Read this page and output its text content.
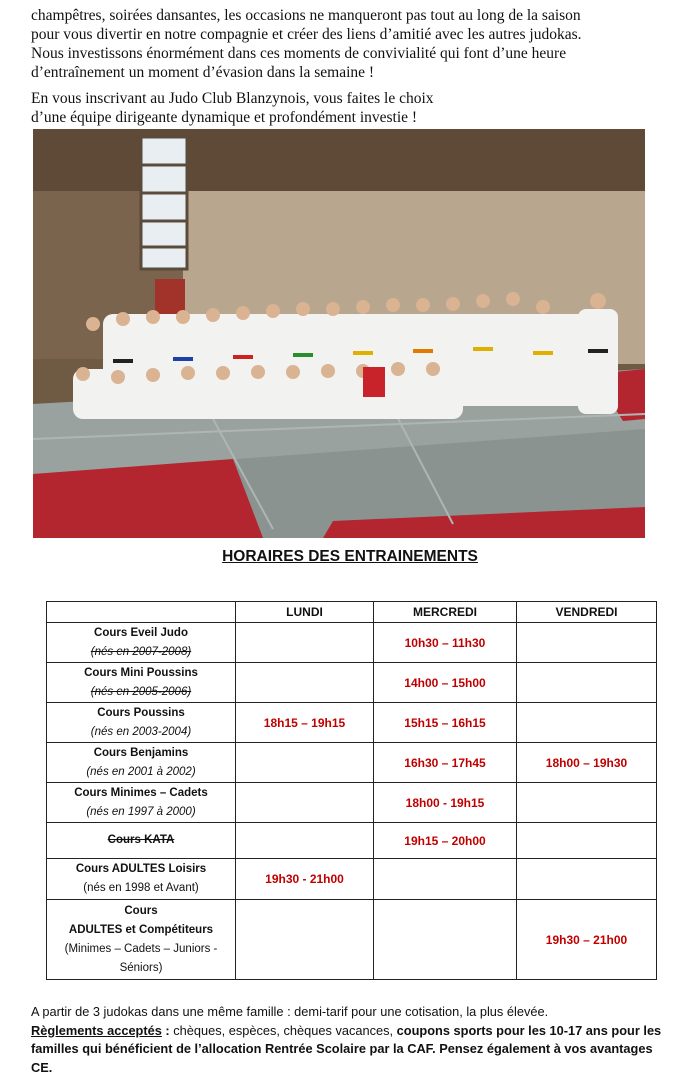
champêtres, soirées dansantes, les occasions ne manqueront pas tout au long de la saison

pour vous divertir en notre compagnie et créer des liens d’amitié avec les autres judokas.

Nous investissons énormément dans ces moments de convivialité qui font d’une heure

d’entraînement un moment d’évasion dans la semaine !

En vous inscrivant au Judo Club Blanzynois, vous faites le choix

d’une équipe dirigeante dynamique et profondément investie !

HORAIRES DES ENTRAINEMENTS
	LUNDI	MERCREDI	VENDREDI

Cours Eveil Judo
(nés en 2007-2008)		10h30 – 11h30	

Cours Mini Poussins
(nés en 2005-2006)		14h00 – 15h00	

Cours Poussins
(nés en 2003-2004)	18h15 – 19h15	15h15 – 16h15	

Cours Benjamins
(nés en 2001 à 2002)		16h30 – 17h45	18h00 – 19h30

Cours Minimes – Cadets
(nés en 1997 à 2000)		18h00 - 19h15	

Cours KATA		19h15 – 20h00	

Cours ADULTES Loisirs
(nés en 1998 et Avant)	19h30 - 21h00		

Cours
ADULTES et Compétiteurs
(Minimes – Cadets – Juniors -
Séniors)			19h30 – 21h00

A partir de 3 judokas dans une même famille : demi-tarif pour une cotisation, la plus élevée.

Règlements acceptés : chèques, espèces, chèques vacances, coupons sports pour les 10-17 ans pour les familles qui bénéficient de l’allocation Rentrée Scolaire par la CAF. Pensez également à vos avantages CE.
